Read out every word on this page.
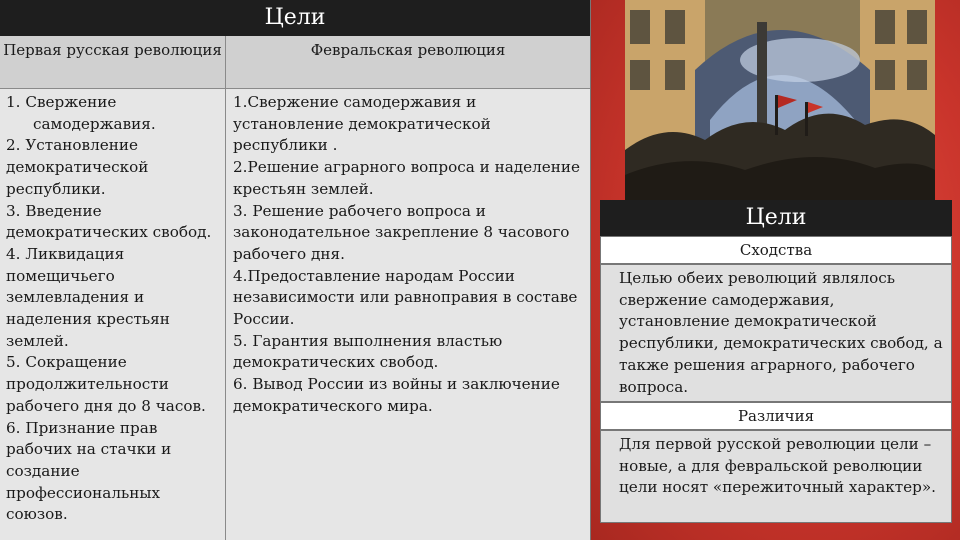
Цели
Первая русская революция	Февральская революция

1. Свержение

самодержавия.

2. Установление демократической республики.

3. Введение демократических свобод.

4. Ликвидация помещичьего землевладения и наделения крестьян землей.

5. Сокращение продолжительности рабочего дня до 8 часов.

6. Признание прав рабочих на стачки и создание профессиональных союзов.

1.Свержение самодержавия и установление демократической республики .

2.Решение аграрного вопроса и наделение крестьян землей.

3. Решение рабочего вопроса и законодательное закрепление 8 часового рабочего дня.

4.Предоставление народам России независимости или равноправия в составе России.

5. Гарантия выполнения властью демократических свобод.

6. Вывод России из войны и заключение демократического мира.

Цели
Сходства
Целью обеих революций являлось свержение самодержавия, установление демократической республики, демократических свобод, а также решения аграрного, рабочего вопроса.
Различия
Для первой русской революции цели – новые, а для февральской революции цели носят «пережиточный характер».
